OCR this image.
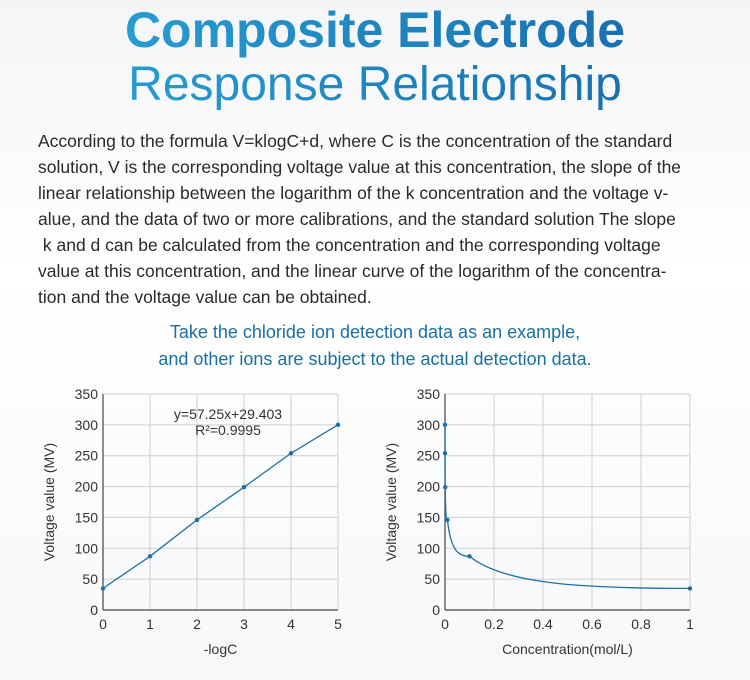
Composite Electrode
Response Relationship
According to the formula V=klogC+d, where C is the concentration of the standard
solution, V is the corresponding voltage value at this concentration, the slope of the
linear relationship between the logarithm of the k concentration and the voltage v-
alue, and the data of two or more calibrations, and the standard solution The slope
k and d can be calculated from the concentration and the corresponding voltage
value at this concentration, and the linear curve of the logarithm of the concentra-
tion and the voltage value can be obtained.
Take the chloride ion detection data as an example,
and other ions are subject to the actual detection data.
0	1	2	3	4	5
0
50
100
150
200
250
300
350
-logC
Voltage value (MV)
y=57.25x+29.403
R²=0.9995
0	0.2 0.4 0.6 0.8	1
0
50
100
150
200
250
300
350
Concentration(mol/L)
Voltage value (MV)
